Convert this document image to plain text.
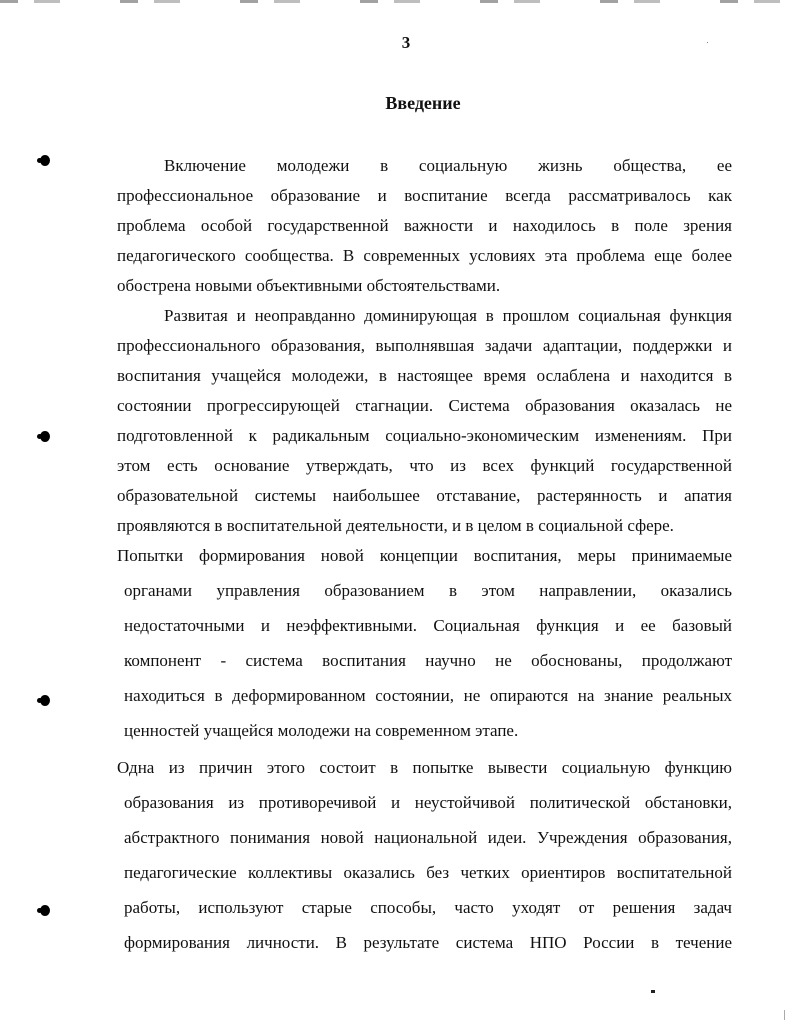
3
Введение
Включение молодежи в социальную жизнь общества, ее
профессиональное образование и воспитание всегда рассматривалось как
проблема особой государственной важности и находилось в поле зрения
педагогического сообщества. В современных условиях эта проблема еще более
обострена новыми объективными обстоятельствами.
Развитая и неоправданно доминирующая в прошлом социальная функция
профессионального образования, выполнявшая задачи адаптации, поддержки и
воспитания учащейся молодежи, в настоящее время ослаблена и находится в
состоянии прогрессирующей стагнации. Система образования оказалась не
подготовленной к радикальным социально-экономическим изменениям. При
этом есть основание утверждать, что из всех функций государственной
образовательной системы наибольшее отставание, растерянность и апатия
проявляются в воспитательной деятельности, и в целом в социальной сфере.
Попытки формирования новой концепции воспитания, меры принимаемые
органами управления образованием в этом направлении, оказались
недостаточными и неэффективными. Социальная функция и ее базовый
компонент - система воспитания научно не обоснованы, продолжают
находиться в деформированном состоянии, не опираются на знание реальных
ценностей учащейся молодежи на современном этапе.
Одна из причин этого состоит в попытке вывести социальную функцию
образования из противоречивой и неустойчивой политической обстановки,
абстрактного понимания новой национальной идеи. Учреждения образования,
педагогические коллективы оказались без четких ориентиров воспитательной
работы, используют старые способы, часто уходят от решения задач
формирования личности. В результате система НПО России в течение
